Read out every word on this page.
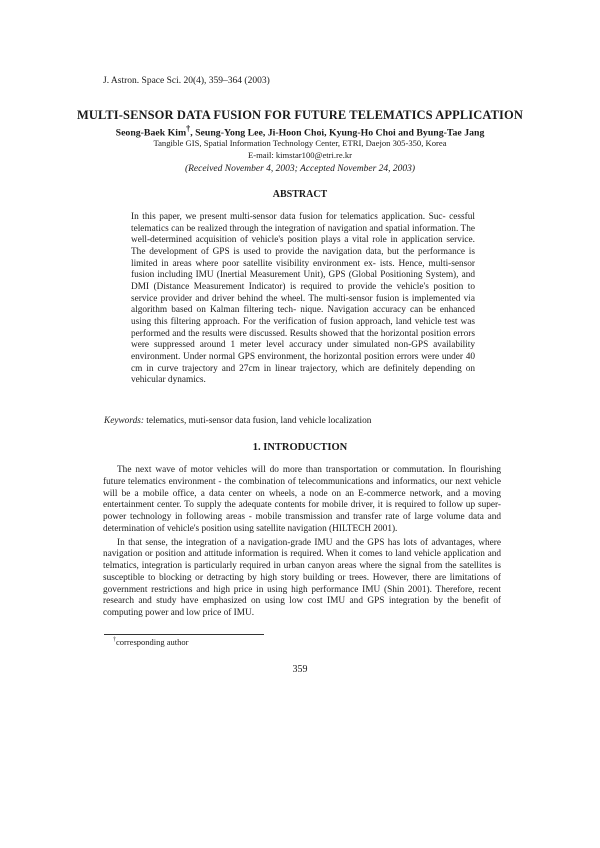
J. Astron. Space Sci. 20(4), 359–364 (2003)
MULTI-SENSOR DATA FUSION FOR FUTURE TELEMATICS APPLICATION
Seong-Baek Kim†, Seung-Yong Lee, Ji-Hoon Choi, Kyung-Ho Choi and Byung-Tae Jang
Tangible GIS, Spatial Information Technology Center, ETRI, Daejon 305-350, Korea
E-mail: kimstar100@etri.re.kr
(Received November 4, 2003; Accepted November 24, 2003)
ABSTRACT

In this paper, we present multi-sensor data fusion for telematics application. Suc- cessful telematics can be realized through the integration of navigation and spatial information. The well-determined acquisition of vehicle's position plays a vital role in application service. The development of GPS is used to provide the navigation data, but the performance is limited in areas where poor satellite visibility environment ex- ists. Hence, multi-sensor fusion including IMU (Inertial Measurement Unit), GPS (Global Positioning System), and DMI (Distance Measurement Indicator) is required to provide the vehicle's position to service provider and driver behind the wheel. The multi-sensor fusion is implemented via algorithm based on Kalman filtering tech- nique. Navigation accuracy can be enhanced using this filtering approach. For the verification of fusion approach, land vehicle test was performed and the results were discussed. Results showed that the horizontal position errors were suppressed around 1 meter level accuracy under simulated non-GPS availability environment. Under normal GPS environment, the horizontal position errors were under 40 cm in curve trajectory and 27cm in linear trajectory, which are definitely depending on vehicular dynamics.

Keywords: telematics, muti-sensor data fusion, land vehicle localization

1. INTRODUCTION

The next wave of motor vehicles will do more than transportation or commutation. In flourishing future telematics environment - the combination of telecommunications and informatics, our next vehicle will be a mobile office, a data center on wheels, a node on an E-commerce network, and a moving entertainment center. To supply the adequate contents for mobile driver, it is required to follow up super-power technology in following areas - mobile transmission and transfer rate of large volume data and determination of vehicle's position using satellite navigation (HILTECH 2001).

In that sense, the integration of a navigation-grade IMU and the GPS has lots of advantages, where navigation or position and attitude information is required. When it comes to land vehicle application and telmatics, integration is particularly required in urban canyon areas where the signal from the satellites is susceptible to blocking or detracting by high story building or trees. However, there are limitations of government restrictions and high price in using high performance IMU (Shin 2001). Therefore, recent research and study have emphasized on using low cost IMU and GPS integration by the benefit of computing power and low price of IMU.

†corresponding author
359
